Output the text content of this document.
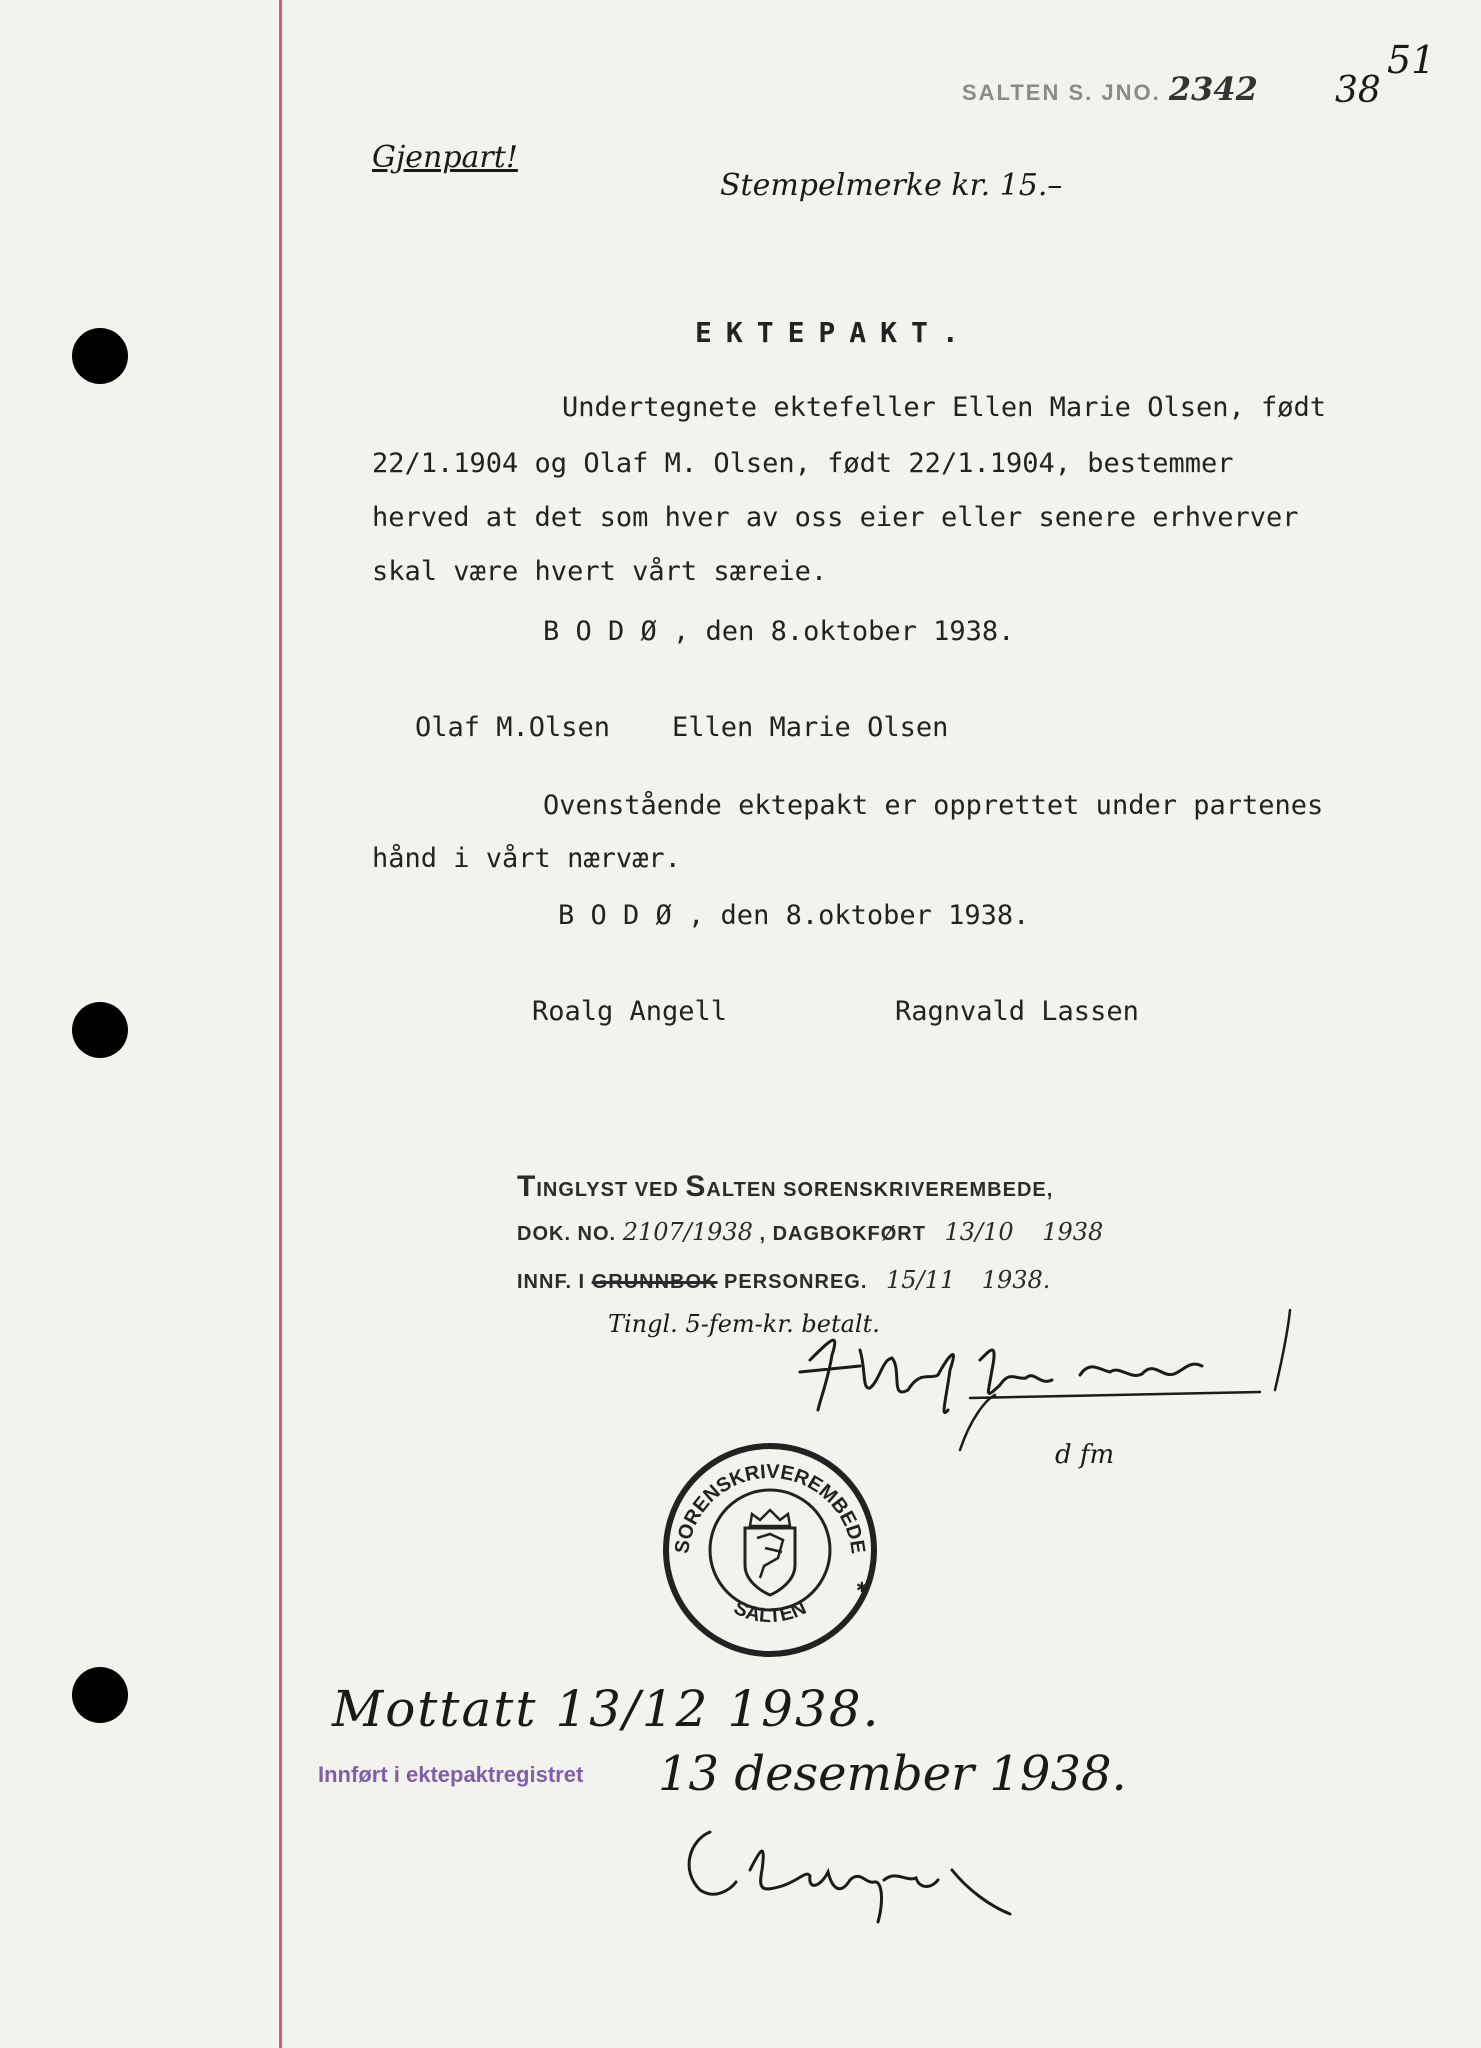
SALTEN S. JNO. 2342 38
51
Gjenpart!
Stempelmerke kr. 15.–
EKTEPAKT.
Undertegnete ektefeller Ellen Marie Olsen, født
22/1.1904 og Olaf M. Olsen, født 22/1.1904, bestemmer
herved at det som hver av oss eier eller senere erhverver
skal være hvert vårt særeie.
B O D Ø , den 8.oktober 1938.
Olaf M.Olsen Ellen Marie Olsen
Ovenstående ektepakt er opprettet under partenes
hånd i vårt nærvær.
B O D Ø , den 8.oktober 1938.
Roalg Angell	Ragnvald Lassen
TINGLYST VED SALTEN SORENSKRIVEREMBEDE,
DOK. NO. 2107/1938 , DAGBOKFØRT 13/10 1938
INNF. I GRUNNBOK PERSONREG. 15/11 1938.
Tingl. 5-fem-kr. betalt.
d fm
SORENSKRIVEREMBEDE
SALTEN
✱
Mottatt 13/12 1938.
Innført i ektepaktregistret 13 desember 1938.
